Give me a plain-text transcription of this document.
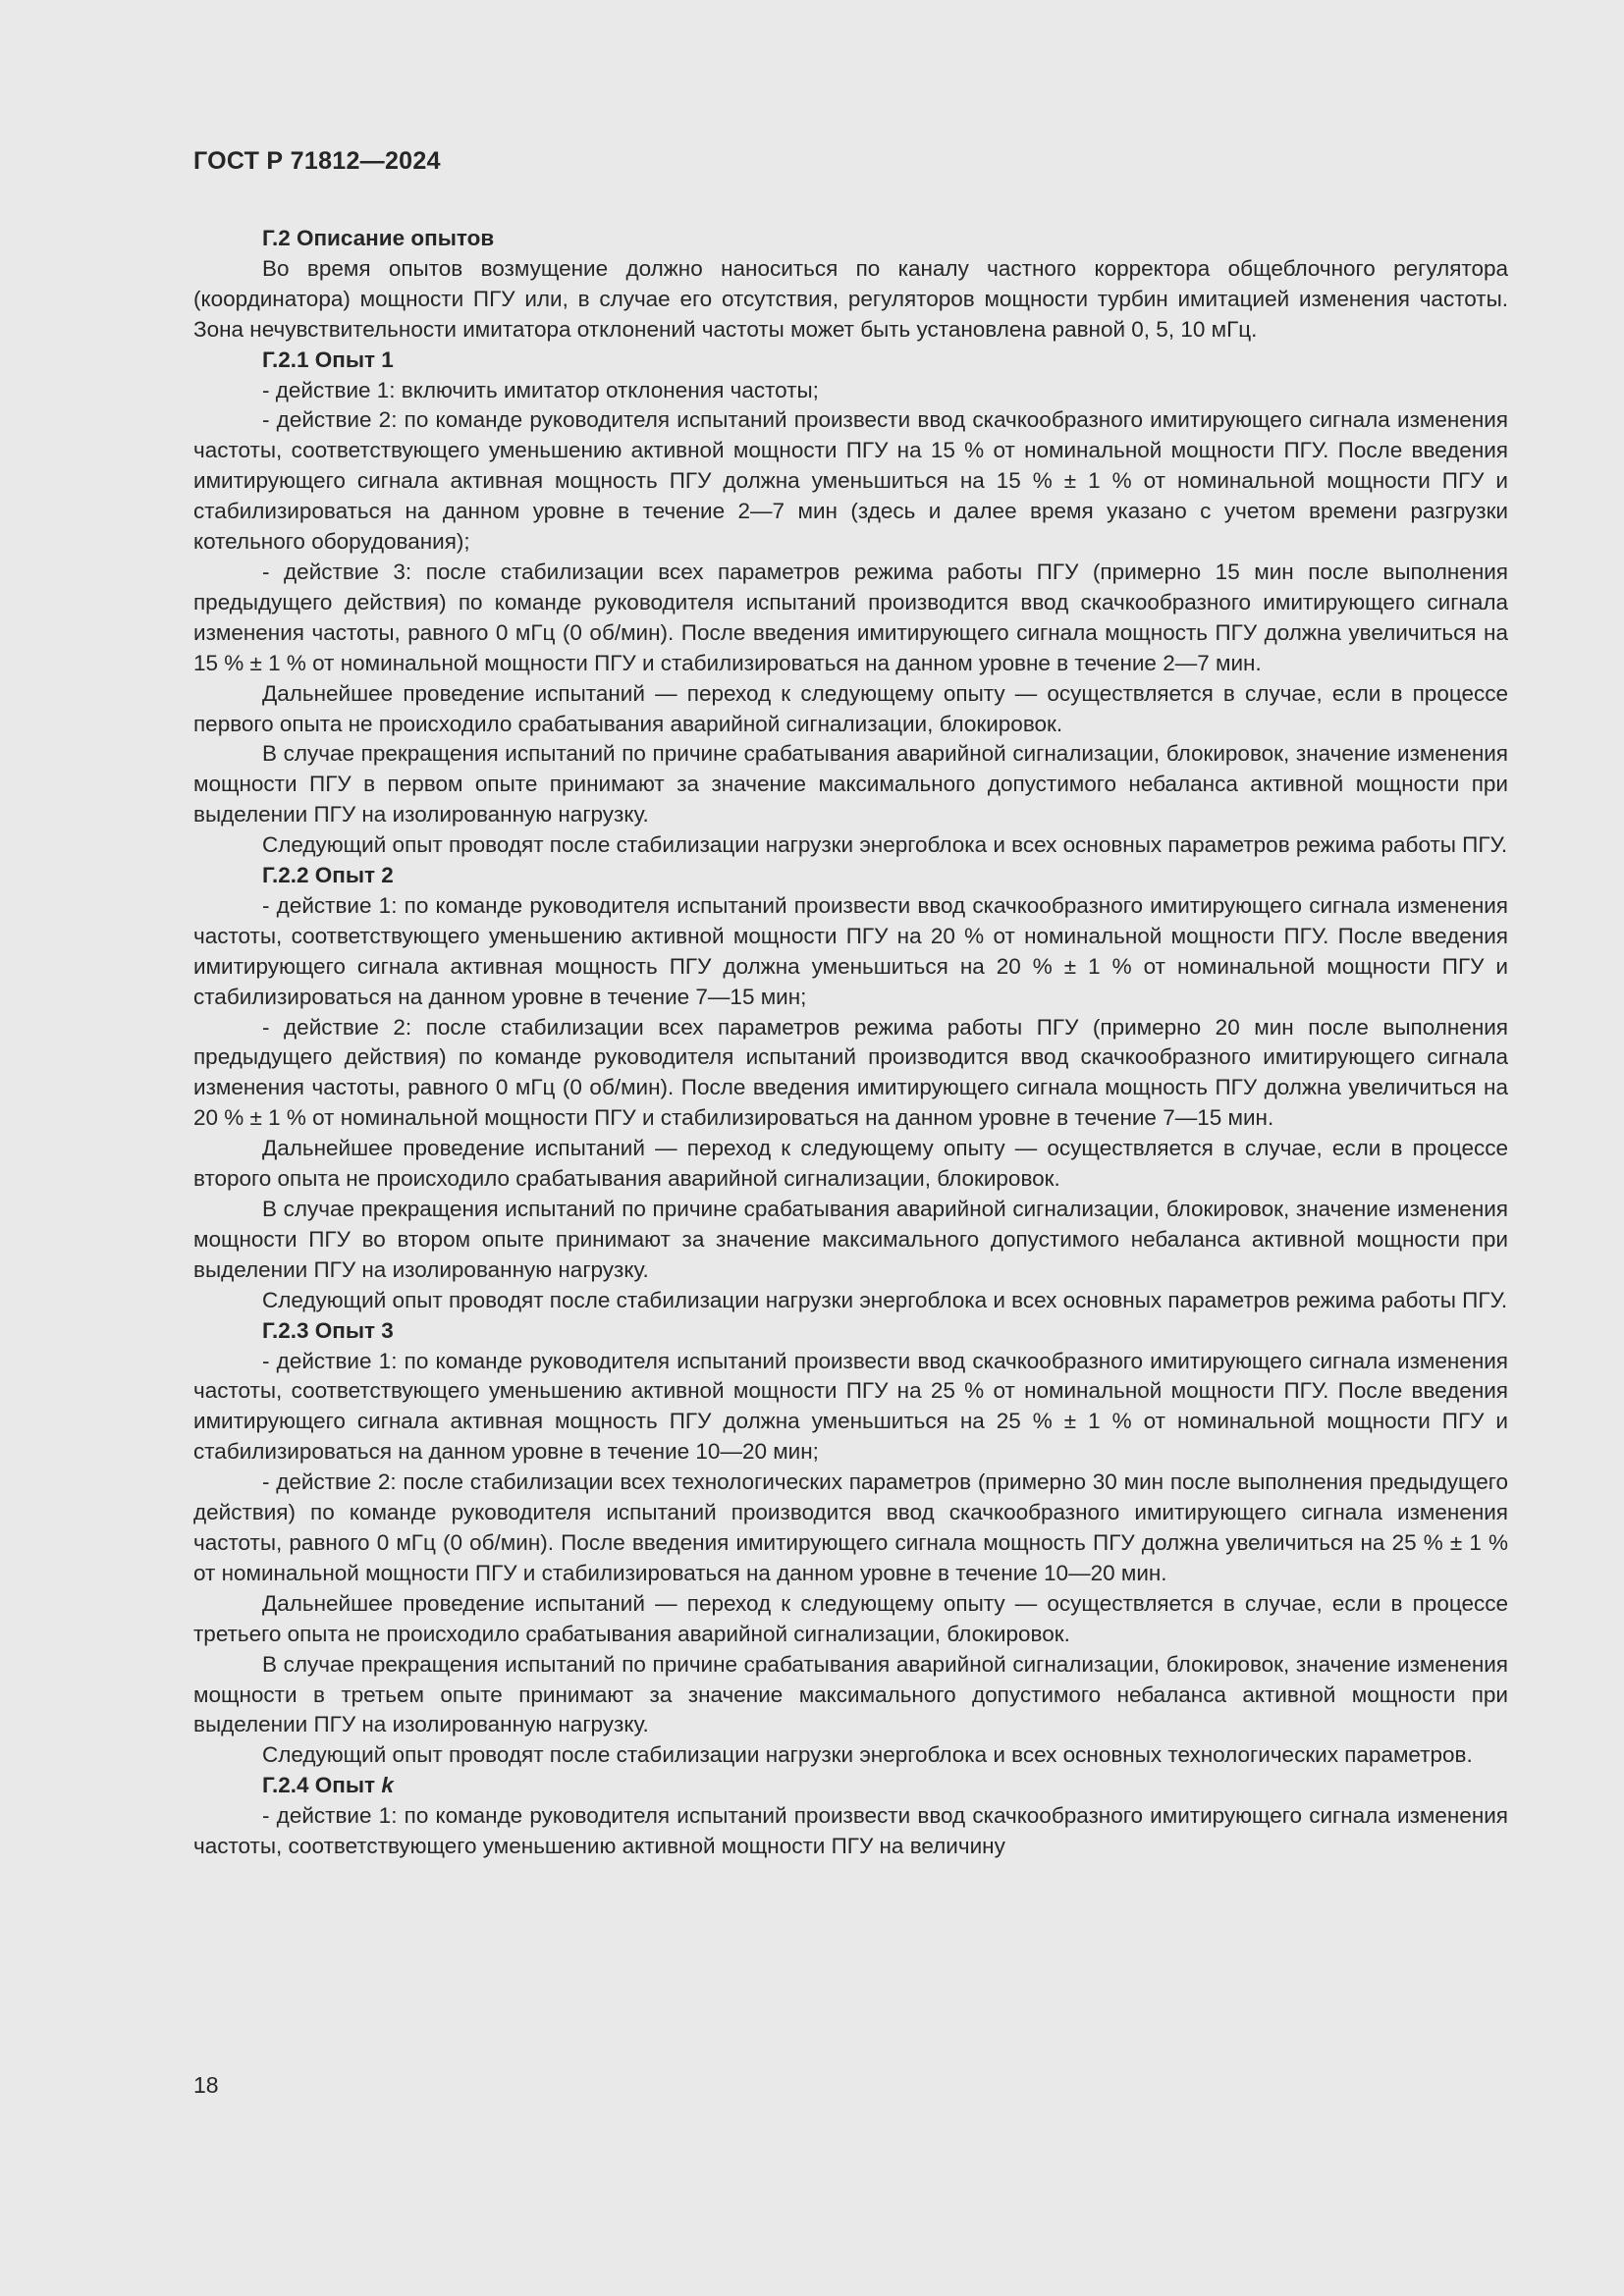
ГОСТ Р 71812—2024
Г.2 Описание опытов
Во время опытов возмущение должно наноситься по каналу частного корректора общеблочного регулятора (координатора) мощности ПГУ или, в случае его отсутствия, регуляторов мощности турбин имитацией изменения частоты. Зона нечувствительности имитатора отклонений частоты может быть установлена равной 0, 5, 10 мГц.
Г.2.1 Опыт 1
- действие 1: включить имитатор отклонения частоты;
- действие 2: по команде руководителя испытаний произвести ввод скачкообразного имитирующего сигнала изменения частоты, соответствующего уменьшению активной мощности ПГУ на 15 % от номинальной мощности ПГУ. После введения имитирующего сигнала активная мощность ПГУ должна уменьшиться на 15 % ± 1 % от номинальной мощности ПГУ и стабилизироваться на данном уровне в течение 2—7 мин (здесь и далее время указано с учетом времени разгрузки котельного оборудования);
- действие 3: после стабилизации всех параметров режима работы ПГУ (примерно 15 мин после выполнения предыдущего действия) по команде руководителя испытаний производится ввод скачкообразного имитирующего сигнала изменения частоты, равного 0 мГц (0 об/мин). После введения имитирующего сигнала мощность ПГУ должна увеличиться на 15 % ± 1 % от номинальной мощности ПГУ и стабилизироваться на данном уровне в течение 2—7 мин.
Дальнейшее проведение испытаний — переход к следующему опыту — осуществляется в случае, если в процессе первого опыта не происходило срабатывания аварийной сигнализации, блокировок.
В случае прекращения испытаний по причине срабатывания аварийной сигнализации, блокировок, значение изменения мощности ПГУ в первом опыте принимают за значение максимального допустимого небаланса активной мощности при выделении ПГУ на изолированную нагрузку.
Следующий опыт проводят после стабилизации нагрузки энергоблока и всех основных параметров режима работы ПГУ.
Г.2.2 Опыт 2
- действие 1: по команде руководителя испытаний произвести ввод скачкообразного имитирующего сигнала изменения частоты, соответствующего уменьшению активной мощности ПГУ на 20 % от номинальной мощности ПГУ. После введения имитирующего сигнала активная мощность ПГУ должна уменьшиться на 20 % ± 1 % от номинальной мощности ПГУ и стабилизироваться на данном уровне в течение 7—15 мин;
- действие 2: после стабилизации всех параметров режима работы ПГУ (примерно 20 мин после выполнения предыдущего действия) по команде руководителя испытаний производится ввод скачкообразного имитирующего сигнала изменения частоты, равного 0 мГц (0 об/мин). После введения имитирующего сигнала мощность ПГУ должна увеличиться на 20 % ± 1 % от номинальной мощности ПГУ и стабилизироваться на данном уровне в течение 7—15 мин.
Дальнейшее проведение испытаний — переход к следующему опыту — осуществляется в случае, если в процессе второго опыта не происходило срабатывания аварийной сигнализации, блокировок.
В случае прекращения испытаний по причине срабатывания аварийной сигнализации, блокировок, значение изменения мощности ПГУ во втором опыте принимают за значение максимального допустимого небаланса активной мощности при выделении ПГУ на изолированную нагрузку.
Следующий опыт проводят после стабилизации нагрузки энергоблока и всех основных параметров режима работы ПГУ.
Г.2.3 Опыт 3
- действие 1: по команде руководителя испытаний произвести ввод скачкообразного имитирующего сигнала изменения частоты, соответствующего уменьшению активной мощности ПГУ на 25 % от номинальной мощности ПГУ. После введения имитирующего сигнала активная мощность ПГУ должна уменьшиться на 25 % ± 1 % от номинальной мощности ПГУ и стабилизироваться на данном уровне в течение 10—20 мин;
- действие 2: после стабилизации всех технологических параметров (примерно 30 мин после выполнения предыдущего действия) по команде руководителя испытаний производится ввод скачкообразного имитирующего сигнала изменения частоты, равного 0 мГц (0 об/мин). После введения имитирующего сигнала мощность ПГУ должна увеличиться на 25 % ± 1 % от номинальной мощности ПГУ и стабилизироваться на данном уровне в течение 10—20 мин.
Дальнейшее проведение испытаний — переход к следующему опыту — осуществляется в случае, если в процессе третьего опыта не происходило срабатывания аварийной сигнализации, блокировок.
В случае прекращения испытаний по причине срабатывания аварийной сигнализации, блокировок, значение изменения мощности в третьем опыте принимают за значение максимального допустимого небаланса активной мощности при выделении ПГУ на изолированную нагрузку.
Следующий опыт проводят после стабилизации нагрузки энергоблока и всех основных технологических параметров.
Г.2.4 Опыт k
- действие 1: по команде руководителя испытаний произвести ввод скачкообразного имитирующего сигнала изменения частоты, соответствующего уменьшению активной мощности ПГУ на величину
18
